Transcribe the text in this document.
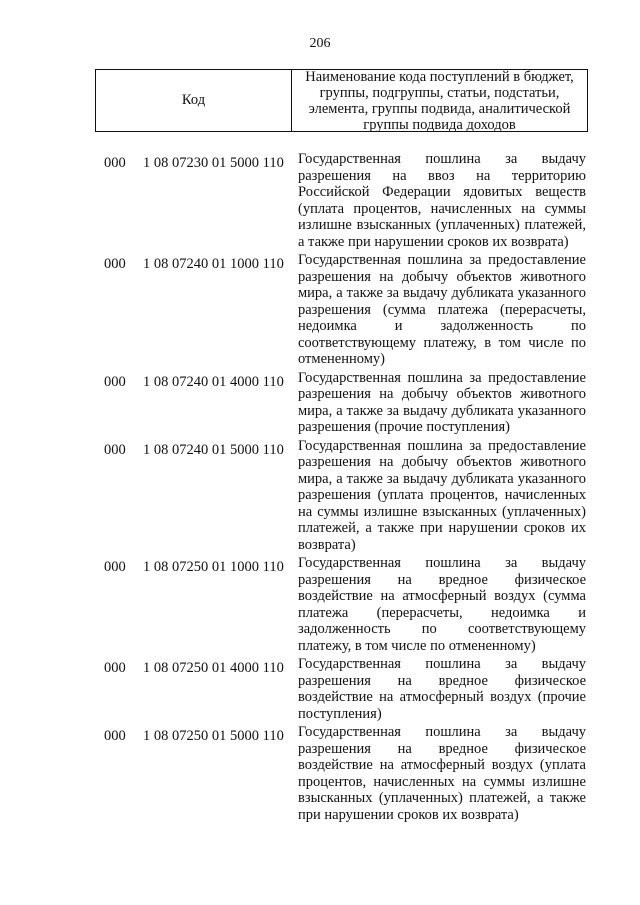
206
Код
Наименование кода поступлений в бюджет, группы, подгруппы, статьи, подстатьи, элемента, группы подвида, аналитической группы подвида доходов
000 1 08 07230 01 5000 110 Государственная пошлина за выдачу разрешения на ввоз на территорию Российской Федерации ядовитых веществ (уплата процентов, начисленных на суммы излишне взысканных (уплаченных) платежей, а также при нарушении сроков их возврата)
000 1 08 07240 01 1000 110 Государственная пошлина за предоставление разрешения на добычу объектов животного мира, а также за выдачу дубликата указанного разрешения (сумма платежа (перерасчеты, недоимка и задолженность по соответствующему платежу, в том числе по отмененному)
000 1 08 07240 01 4000 110 Государственная пошлина за предоставление разрешения на добычу объектов животного мира, а также за выдачу дубликата указанного разрешения (прочие поступления)
000 1 08 07240 01 5000 110 Государственная пошлина за предоставление разрешения на добычу объектов животного мира, а также за выдачу дубликата указанного разрешения (уплата процентов, начисленных на суммы излишне взысканных (уплаченных) платежей, а также при нарушении сроков их возврата)
000 1 08 07250 01 1000 110 Государственная пошлина за выдачу разрешения на вредное физическое воздействие на атмосферный воздух (сумма платежа (перерасчеты, недоимка и задолженность по соответствующему платежу, в том числе по отмененному)
000 1 08 07250 01 4000 110 Государственная пошлина за выдачу разрешения на вредное физическое воздействие на атмосферный воздух (прочие поступления)
000 1 08 07250 01 5000 110 Государственная пошлина за выдачу разрешения на вредное физическое воздействие на атмосферный воздух (уплата процентов, начисленных на суммы излишне взысканных (уплаченных) платежей, а также при нарушении сроков их возврата)
